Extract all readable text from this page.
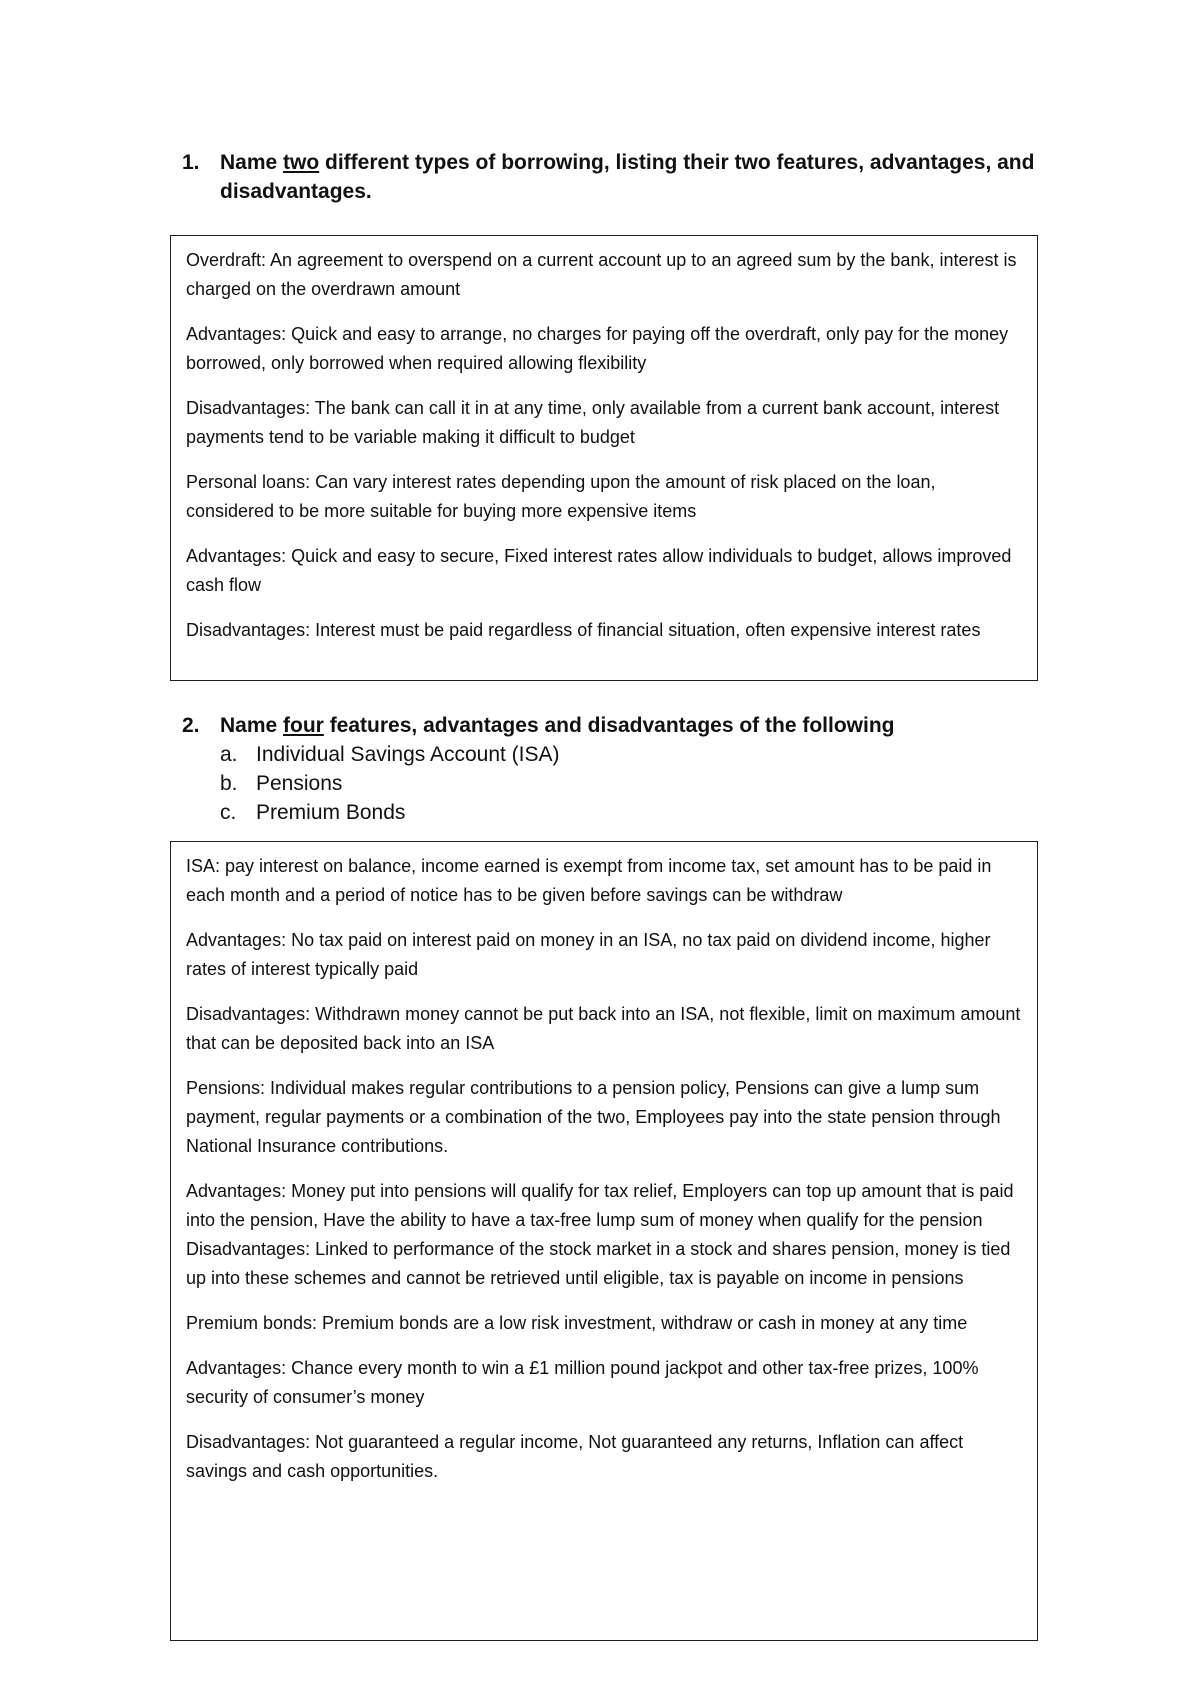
1. Name two different types of borrowing, listing their two features, advantages, and disadvantages.

Overdraft: An agreement to overspend on a current account up to an agreed sum by the bank, interest is charged on the overdrawn amount

Advantages: Quick and easy to arrange, no charges for paying off the overdraft, only pay for the money borrowed, only borrowed when required allowing flexibility

Disadvantages: The bank can call it in at any time, only available from a current bank account, interest payments tend to be variable making it difficult to budget

Personal loans: Can vary interest rates depending upon the amount of risk placed on the loan, considered to be more suitable for buying more expensive items

Advantages: Quick and easy to secure, Fixed interest rates allow individuals to budget, allows improved cash flow

Disadvantages: Interest must be paid regardless of financial situation, often expensive interest rates

2. Name four features, advantages and disadvantages of the following
a. Individual Savings Account (ISA)
b. Pensions
c. Premium Bonds

ISA: pay interest on balance, income earned is exempt from income tax, set amount has to be paid in each month and a period of notice has to be given before savings can be withdraw

Advantages: No tax paid on interest paid on money in an ISA, no tax paid on dividend income, higher rates of interest typically paid

Disadvantages: Withdrawn money cannot be put back into an ISA, not flexible, limit on maximum amount that can be deposited back into an ISA

Pensions: Individual makes regular contributions to a pension policy, Pensions can give a lump sum payment, regular payments or a combination of the two, Employees pay into the state pension through National Insurance contributions.

Advantages: Money put into pensions will qualify for tax relief, Employers can top up amount that is paid into the pension, Have the ability to have a tax-free lump sum of money when qualify for the pension

Disadvantages: Linked to performance of the stock market in a stock and shares pension, money is tied up into these schemes and cannot be retrieved until eligible, tax is payable on income in pensions

Premium bonds: Premium bonds are a low risk investment, withdraw or cash in money at any time

Advantages: Chance every month to win a £1 million pound jackpot and other tax-free prizes, 100% security of consumer’s money

Disadvantages: Not guaranteed a regular income, Not guaranteed any returns, Inflation can affect savings and cash opportunities.
